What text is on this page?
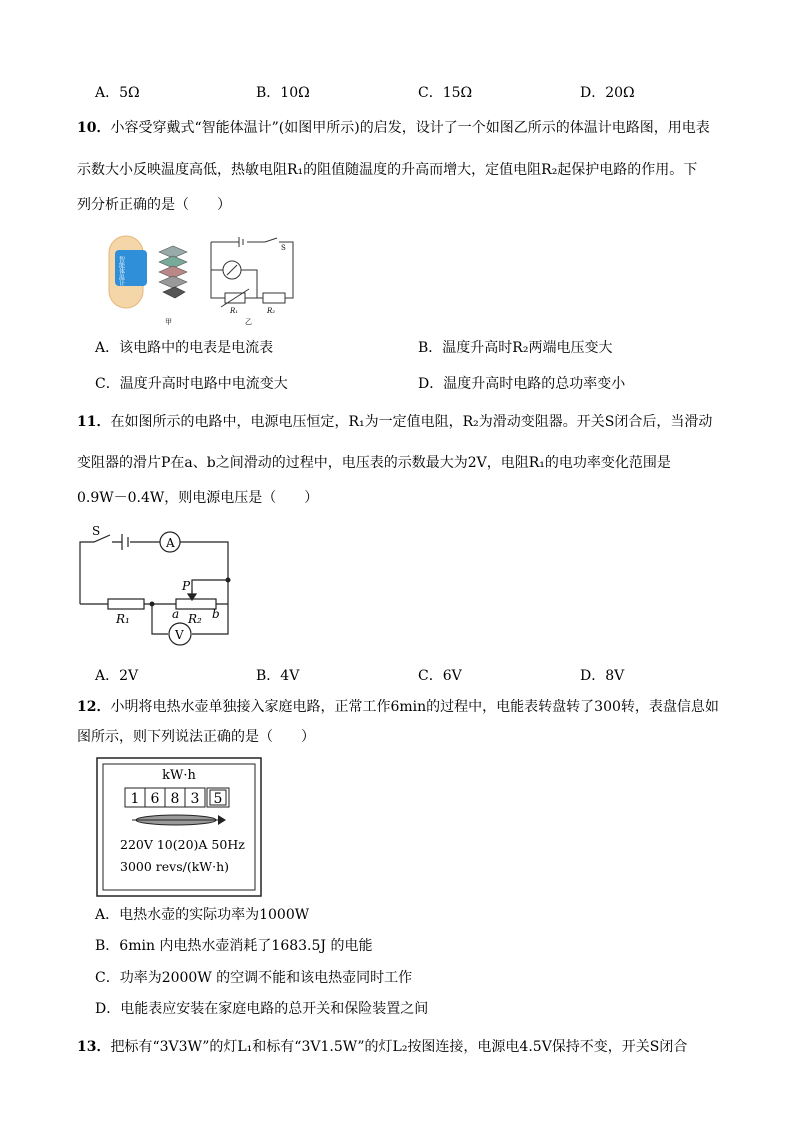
A．5Ω	B．10Ω	C．15Ω	D．20Ω
10．小容受穿戴式“智能体温计”(如图甲所示)的启发，设计了一个如图乙所示的体温计电路图，用电表
示数大小反映温度高低，热敏电阻R₁的阻值随温度的升高而增大，定值电阻R₂起保护电路的作用。下
列分析正确的是（　　）
智能体温计
甲
S
R₁	R₂
乙
A．该电路中的电表是电流表	B．温度升高时R₂两端电压变大
C．温度升高时电路中电流变大	D．温度升高时电路的总功率变小
11．在如图所示的电路中，电源电压恒定，R₁为一定值电阻，R₂为滑动变阻器。开关S闭合后，当滑动
变阻器的滑片P在a、b之间滑动的过程中，电压表的示数最大为2V，电阻R₁的电功率变化范围是
0.9W－0.4W，则电源电压是（　　）
S
A
V
P
a	b
R₁	R₂
A．2V	B．4V	C．6V	D．8V
12．小明将电热水壶单独接入家庭电路，正常工作6min的过程中，电能表转盘转了300转，表盘信息如
图所示，则下列说法正确的是（　　）
kW·h
1 6 8 3 5
220V 10(20)A 50Hz
3000 revs/(kW·h)
A．电热水壶的实际功率为1000W
B．6min 内电热水壶消耗了1683.5J 的电能
C．功率为2000W 的空调不能和该电热壶同时工作
D．电能表应安装在家庭电路的总开关和保险装置之间
13．把标有“3V3W”的灯L₁和标有“3V1.5W”的灯L₂按图连接，电源电4.5V保持不变，开关S闭合
